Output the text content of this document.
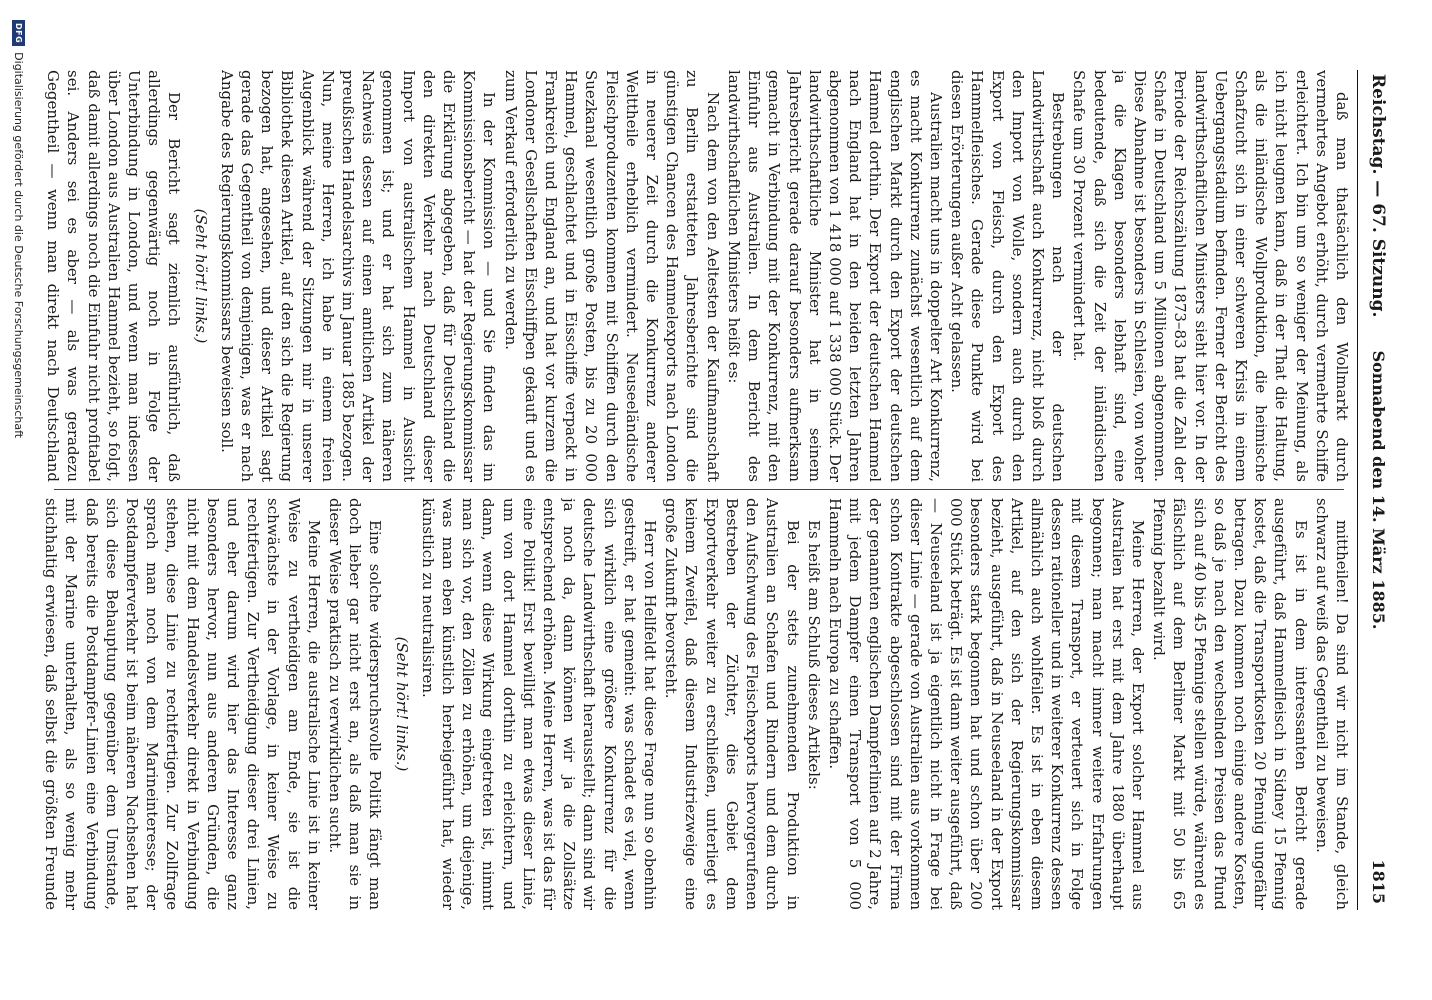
Reichstag. — 67. Sitzung.
Sonnabend den 14. März 1885.
1815

daß man thatsächlich den Wollmarkt durch vermehrtes Angebot erhöht, durch vermehrte Schiffe erleichtert. Ich bin um so weniger der Meinung, als ich nicht leugnen kann, daß in der That die Haltung, als die inländische Wollproduktion, die heimische Schafzucht sich in einer schweren Krisis in einem Uebergangsstadium befinden. Ferner der Bericht des landwirthschaftlichen Ministers sieht hier vor. In der Periode der Reichszählung 1873–83 hat die Zahl der Schafe in Deutschland um 5 Millionen abgenommen. Diese Abnahme ist besonders in Schlesien, von woher ja die Klagen besonders lebhaft sind, eine bedeutende, daß sich die Zeit der inländischen Schafe um 30 Prozent vermindert hat.

Bestrebungen nach der deutschen Landwirthschaft auch Konkurrenz, nicht bloß durch den Import von Wolle, sondern auch durch den Export von Fleisch, durch den Export des Hammelfleisches. Gerade diese Punkte wird bei diesen Erörterungen außer Acht gelassen.

Australien macht uns in doppelter Art Konkurrenz, es macht Konkurrenz zunächst wesentlich auf dem englischen Markt durch den Export der deutschen Hammel dorthin. Der Export der deutschen Hammel nach England hat in den beiden letzten Jahren abgenommen von 1 418 000 auf 1 338 000 Stück. Der landwirthschaftliche Minister hat in seinem Jahresbericht gerade darauf besonders aufmerksam gemacht in Verbindung mit der Konkurrenz, mit den Einfuhr aus Australien. In dem Bericht des landwirthschaftlichen Ministers heißt es:

Nach dem von den Aeltesten der Kaufmannschaft zu Berlin erstatteten Jahresberichte sind die günstigen Chancen des Hammelexports nach London in neuerer Zeit durch die Konkurrenz anderer Welttheile erheblich vermindert. Neuseeländische Fleischproduzenten kommen mit Schiffen durch den Suezkanal wesentlich große Posten, bis zu 20 000 Hammel, geschlachtet und in Eisschiffe verpackt in Frankreich und England an, und hat vor kurzem die Londoner Gesellschaften Eisschiffpen gekauft und es zum Verkauf erforderlich zu werden.

In der Kommission — und Sie finden das im Kommissionsbericht — hat der Regierungskommissar die Erklärung abgegeben, daß für Deutschland die den direkten Verkehr nach Deutschland dieser Import von australischem Hammel in Aussicht genommen ist; und er hat sich zum näheren Nachweis dessen auf einen amtlichen Artikel der preußischen Handelsarchivs im Januar 1885 bezogen. Nun, meine Herren, ich habe in einem freien Augenblick während der Sitzungen mir in unserer Bibliothek diesen Artikel, auf den sich die Regierung bezogen hat, angesehen, und dieser Artikel sagt gerade das Gegentheil von demjenigen, was er nach Angabe des Regierungskommissars beweisen soll.

(Seht hört! links.)

Der Bericht sagt ziemlich ausführlich, daß allerdings gegenwärtig noch in Folge der Unterbindung in London, und wenn man indessen über London aus Australien Hammel bezieht, so folgt, daß damit allerdings noch die Einfuhr nicht profitabel sei. Anders sei es aber — als was geradezu Gegentheil — wenn man direkt nach Deutschland

mittheilen! Da sind wir nicht im Stande, gleich schwarz auf weiß das Gegentheil zu beweisen.

Es ist in dem interessanten Bericht gerade ausgeführt, daß Hammelfleisch in Sidney 15 Pfennig kostet, daß die Transportkosten 20 Pfennig ungefähr betragen. Dazu kommen noch einige andere Kosten, so daß je nach den wechselnden Preisen das Pfund sich auf 40 bis 45 Pfennige stellen würde, während es fälschlich auf dem Berliner Markt mit 50 bis 65 Pfennig bezahlt wird.

Meine Herren, der Export solcher Hammel aus Australien hat erst mit dem Jahre 1880 überhaupt begonnen; man macht immer weitere Erfahrungen mit diesem Transport, er verteuert sich in Folge dessen rationeller und in weiterer Konkurrenz dessen allmählich auch wohlfeiler. Es ist in eben diesem Artikel, auf den sich der Regierungskommissar bezieht, ausgeführt, daß in Neuseeland in der Export besonders stark begonnen hat und schon über 200 000 Stück beträgt. Es ist dann weiter ausgeführt, daß — Neuseeland ist ja eigentlich nicht in Frage bei dieser Linie — gerade von Australien aus vorkommen schon Kontrakte abgeschlossen sind mit der Firma der genannten englischen Dampferlinien auf 2 Jahre, mit jedem Dampfer einen Transport von 5 000 Hammeln nach Europa zu schaffen.

Es heißt am Schluß dieses Artikels:

Bei der stets zunehmenden Produktion in Australien an Schafen und Rindern und dem durch den Aufschwung des Fleischexports hervorgerufenen Bestreben der Züchter, dies Gebiet dem Exportverkehr weiter zu erschließen, unterliegt es keinem Zweifel, daß diesem Industriezweige eine große Zukunft bevorsteht.

Herr von Hellfeldt hat diese Frage nun so obenhin gestreift, er hat gemeint: was schadet es viel, wenn sich wirklich eine größere Konkurrenz für die deutsche Landwirthschaft herausstellt; dann sind wir ja noch da, dann können wir ja die Zollsätze entsprechend erhöhen. Meine Herren, was ist das für eine Politik! Erst bewilligt man etwas dieser Linie, um von dort Hammel dorthin zu erleichtern, und dann, wenn diese Wirkung eingetreten ist, nimmt man sich vor, den Zöllen zu erhöhen, um diejenige, was man eben künstlich herbeigeführt hat, wieder künstlich zu neutralisiren.

(Seht hört! links.)

Eine solche widerspruchsvolle Politik fängt man doch lieber gar nicht erst an, als daß man sie in dieser Weise praktisch zu verwirklichen sucht.

Meine Herren, die australische Linie ist in keiner Weise zu vertheidigen am Ende, sie ist die schwächste in der Vorlage, in keiner Weise zu rechtfertigen. Zur Vertheidigung dieser drei Linien, und eher darum wird hier das Interesse ganz besonders hervor, nun aus anderen Gründen, die nicht mit dem Handelsverkehr direkt in Verbindung stehen, diese Linie zu rechtfertigen. Zur Zollfrage sprach man noch von dem Marineinteresse; der Postdampferverkehr ist beim näheren Nachsehen hat sich diese Behauptung gegenüber dem Umstande, daß bereits die Postdampfer-Linien eine Verbindung mit der Marine unterhalten, als so wenig mehr stichhaltig erwiesen, daß selbst die größten Freunde

DFG
Digitalisierung gefördert durch die Deutsche Forschungsgemeinschaft
